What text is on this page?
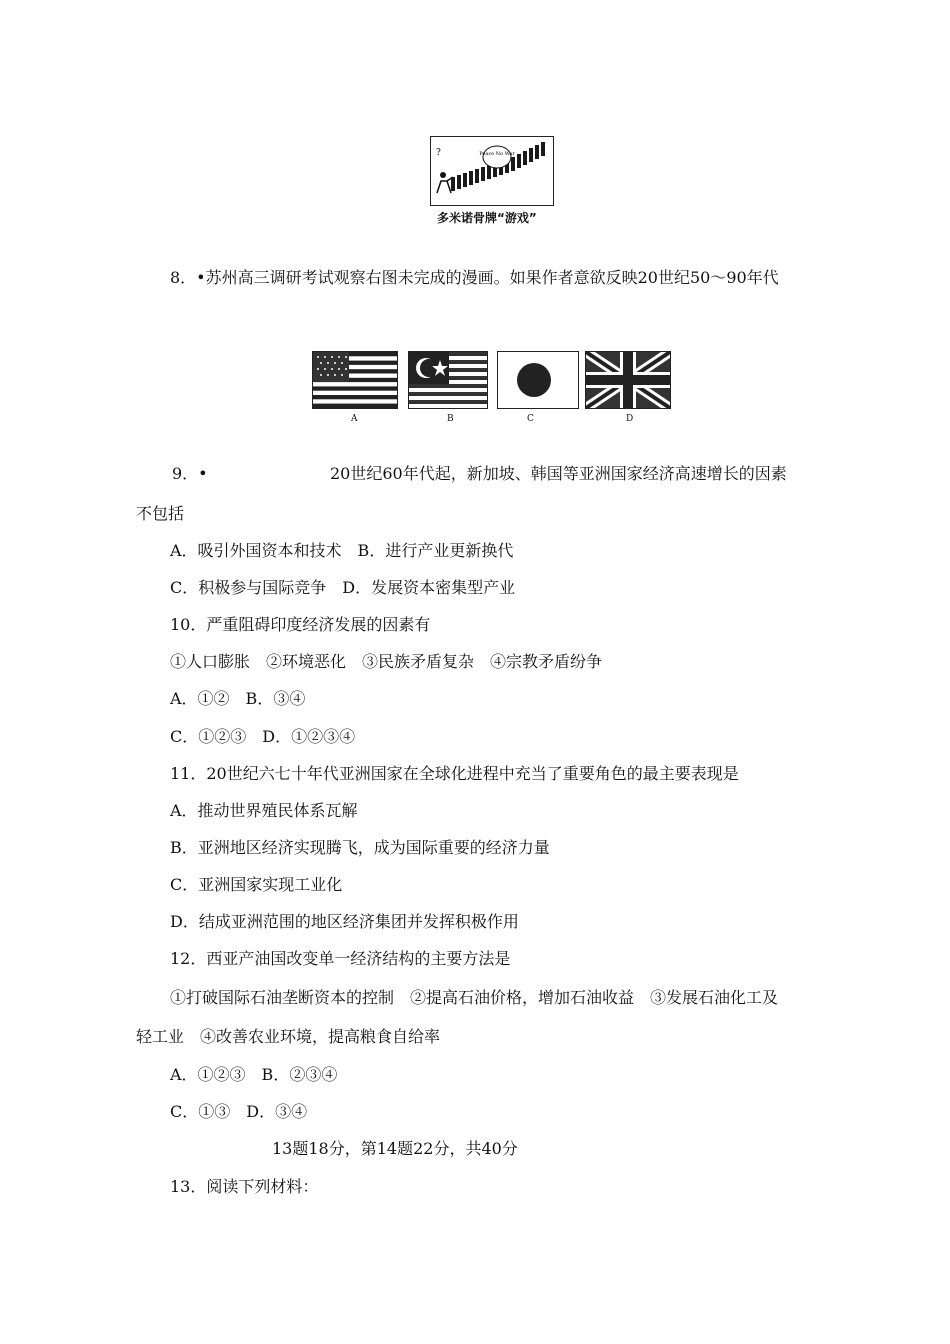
?	Peace No War
多米诺骨牌“游戏”
8．•苏州高三调研考试观察右图未完成的漫画。如果作者意欲反映20世纪50～90年代
A	B	C	D
9．•	20世纪60年代起，新加坡、韩国等亚洲国家经济高速增长的因素
不包括
A．吸引外国资本和技术　B．进行产业更新换代
C．积极参与国际竞争　D．发展资本密集型产业
10．严重阻碍印度经济发展的因素有
①人口膨胀　②环境恶化　③民族矛盾复杂　④宗教矛盾纷争
A．①②　B．③④
C．①②③　D．①②③④
11．20世纪六七十年代亚洲国家在全球化进程中充当了重要角色的最主要表现是
A．推动世界殖民体系瓦解
B．亚洲地区经济实现腾飞，成为国际重要的经济力量
C．亚洲国家实现工业化
D．结成亚洲范围的地区经济集团并发挥积极作用
12．西亚产油国改变单一经济结构的主要方法是
①打破国际石油垄断资本的控制　②提高石油价格，增加石油收益　③发展石油化工及
轻工业　④改善农业环境，提高粮食自给率
A．①②③　B．②③④
C．①③　D．③④
13题18分，第14题22分，共40分
13．阅读下列材料：
